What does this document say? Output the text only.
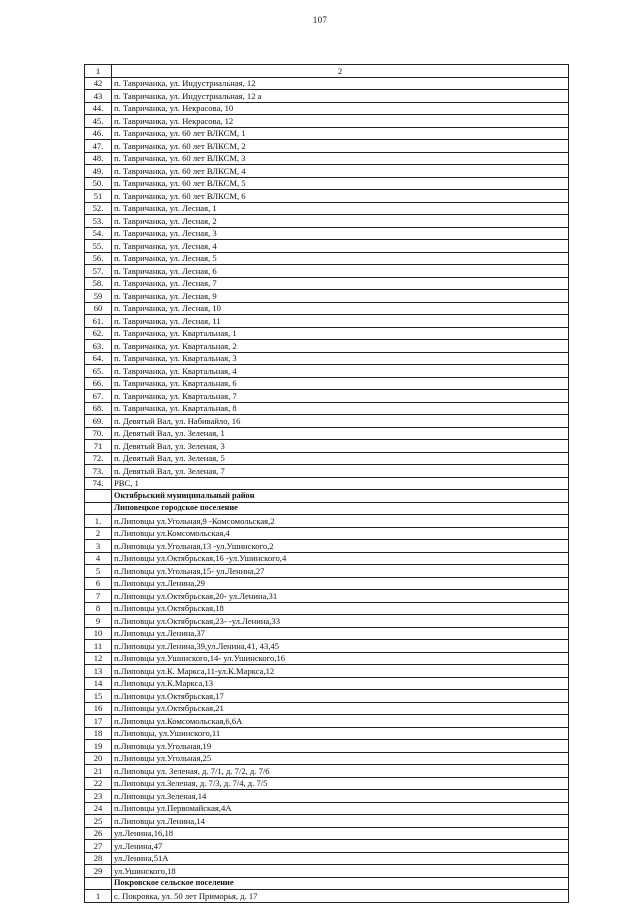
107
1	2
42	п. Тавричанка, ул. Индустриальная, 12
43	п. Тавричанка, ул. Индустриальная, 12 а
44.	п. Тавричанка, ул. Некрасова, 10
45.	п. Тавричанка, ул. Некрасова, 12
46.	п. Тавричанка, ул. 60 лет ВЛКСМ, 1
47.	п. Тавричанка, ул. 60 лет ВЛКСМ, 2
48.	п. Тавричанка, ул. 60 лет ВЛКСМ, 3
49.	п. Тавричанка, ул. 60 лет ВЛКСМ, 4
50.	п. Тавричанка, ул. 60 лет ВЛКСМ, 5
51	п. Тавричанка, ул. 60 лет ВЛКСМ, 6
52.	п. Тавричанка, ул. Лесная, 1
53.	п. Тавричанка, ул. Лесная, 2
54.	п. Тавричанка, ул. Лесная, 3
55.	п. Тавричанка, ул. Лесная, 4
56.	п. Тавричанка, ул. Лесная, 5
57.	п. Тавричанка, ул. Лесная, 6
58.	п. Тавричанка, ул. Лесная, 7
59	п. Тавричанка, ул. Лесная, 9
60	п. Тавричанка, ул. Лесная, 10
61.	п. Тавричанка, ул. Лесная, 11
62.	п. Тавричанка, ул. Квартальная, 1
63.	п. Тавричанка, ул. Квартальная, 2
64.	п. Тавричанка, ул. Квартальная, 3
65.	п. Тавричанка, ул. Квартальная, 4
66.	п. Тавричанка, ул. Квартальная, 6
67.	п. Тавричанка, ул. Квартальная, 7
68.	п. Тавричанка, ул. Квартальная, 8
69.	п. Девятый Вал, ул. Набивайло, 16
70.	п. Девятый Вал, ул. Зеленая, 1
71	п. Девятый Вал, ул. Зеленая, 3
72.	п. Девятый Вал, ул. Зеленая, 5
73.	п. Девятый Вал, ул. Зеленая, 7
74.	РВС, 1
	Октябрьский муниципальный район
	Липовецкое городское поселение
1.	п.Липовцы ул.Угольная,9 -Комсомольская,2
2	п.Липовцы ул.Комсомольская,4
3	п.Липовцы ул.Угольная,13 -ул.Ушинского,2
4	п.Липовцы ул.Октябрьская,16 -ул.Ушинского,4
5	п.Липовцы ул.Угольная,15- ул.Ленина,27
6	п.Липовцы ул.Ленина,29
7	п.Липовцы ул.Октябрьская,20- ул.Ленина,31
8	п.Липовцы ул.Октябрьская,18
9	п.Липовцы ул.Октябрьская,23- -ул.Ленина,33
10	п.Липовцы ул.Ленина,37
11	п.Липовцы ул.Ленина,39,ул.Ленина,41, 43,45
12	п.Липовцы ул.Ушинского,14- ул.Ушинского,16
13	п.Липовцы ул.К. Маркса,11-ул.К.Маркса,12
14	п.Липовцы ул.К.Маркса,13
15	п.Липовцы ул.Октябрьская,17
16	п.Липовцы ул.Октябрьская,21
17	п.Липовцы ул.Комсомольская,6,6А
18	п.Липовцы, ул.Ушинского,11
19	п.Липовцы ул.Угольная,19
20	п.Липовцы ул.Угольная,25
21	п.Липовцы ул. Зеленая, д. 7/1, д. 7/2, д. 7/6
22	п.Липовцы ул.Зеленая, д. 7/3, д. 7/4, д. 7/5
23	п.Липовцы ул.Зеленая,14
24	п.Липовцы ул.Первомайская,4А
25	п.Липовцы ул.Ленина,14
26	ул.Ленина,16,18
27	ул.Ленина,47
28	ул.Ленина,51А
29	ул.Ушинского,18
	Покровское сельское поселение
1	с. Покровка, ул. 50 лет Приморья, д. 17
